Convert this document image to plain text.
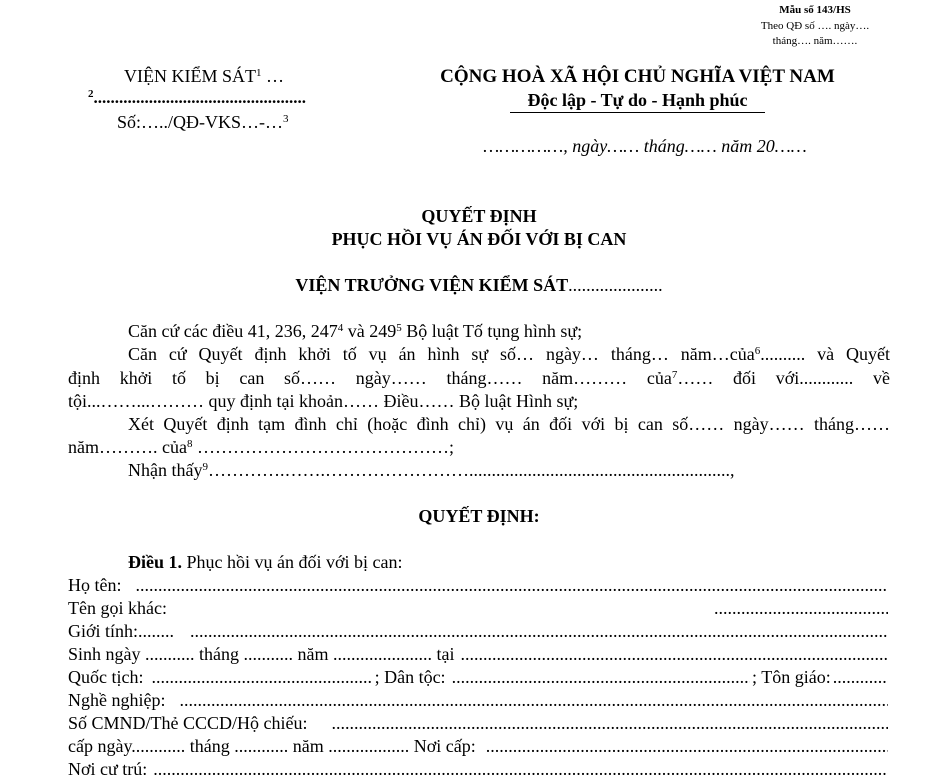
Mẫu số 143/HS
Theo QĐ số …. ngày….
tháng…. năm…….
VIỆN KIỂM SÁT$^1$ …
$^2$..................................................
Số:…../QĐ-VKS…-…$^3$
CỘNG HOÀ XÃ HỘI CHỦ NGHĨA VIỆT NAM
Độc lập - Tự do - Hạnh phúc
……………, ngày…… tháng…… năm 20……
QUYẾT ĐỊNH
PHỤC HỒI VỤ ÁN ĐỐI VỚI BỊ CAN
VIỆN TRƯỞNG VIỆN KIỂM SÁT.....................
Căn cứ các điều 41, 236, $247^4$ và $249^5$ Bộ luật Tố tụng hình sự;
Căn cứ Quyết định khởi tố vụ án hình sự số… ngày… tháng… năm…của$^6$.......... và Quyết
định khởi tố bị can số…… ngày…… tháng…… năm……… của$^7$…… đối với............ về
tội...……...……… quy định tại khoản…… Điều…… Bộ luật Hình sự;
Xét Quyết định tạm đình chỉ (hoặc đình chỉ) vụ án đối với bị can số…… ngày…… tháng……
năm………. của$^8$ ……………………………………;
Nhận thấy$^9$………….…….……………………..........................................................,
QUYẾT ĐỊNH:
Điều 1. Phục hồi vụ án đối với bị can:
Họ tên:
.....
Tên gọi khác:
.....
Giới tính:........
.....
Sinh ngày ........... tháng ........... năm ...................... tại
.....
Quốc tịch: .....	; Dân tộc: .....	; Tôn giáo:
.....
Nghề nghiệp:
.....
Số CMND/Thẻ CCCD/Hộ chiếu:
.....
cấp ngày............ tháng ............ năm .................. Nơi cấp:
.....
Nơi cư trú:
.....
